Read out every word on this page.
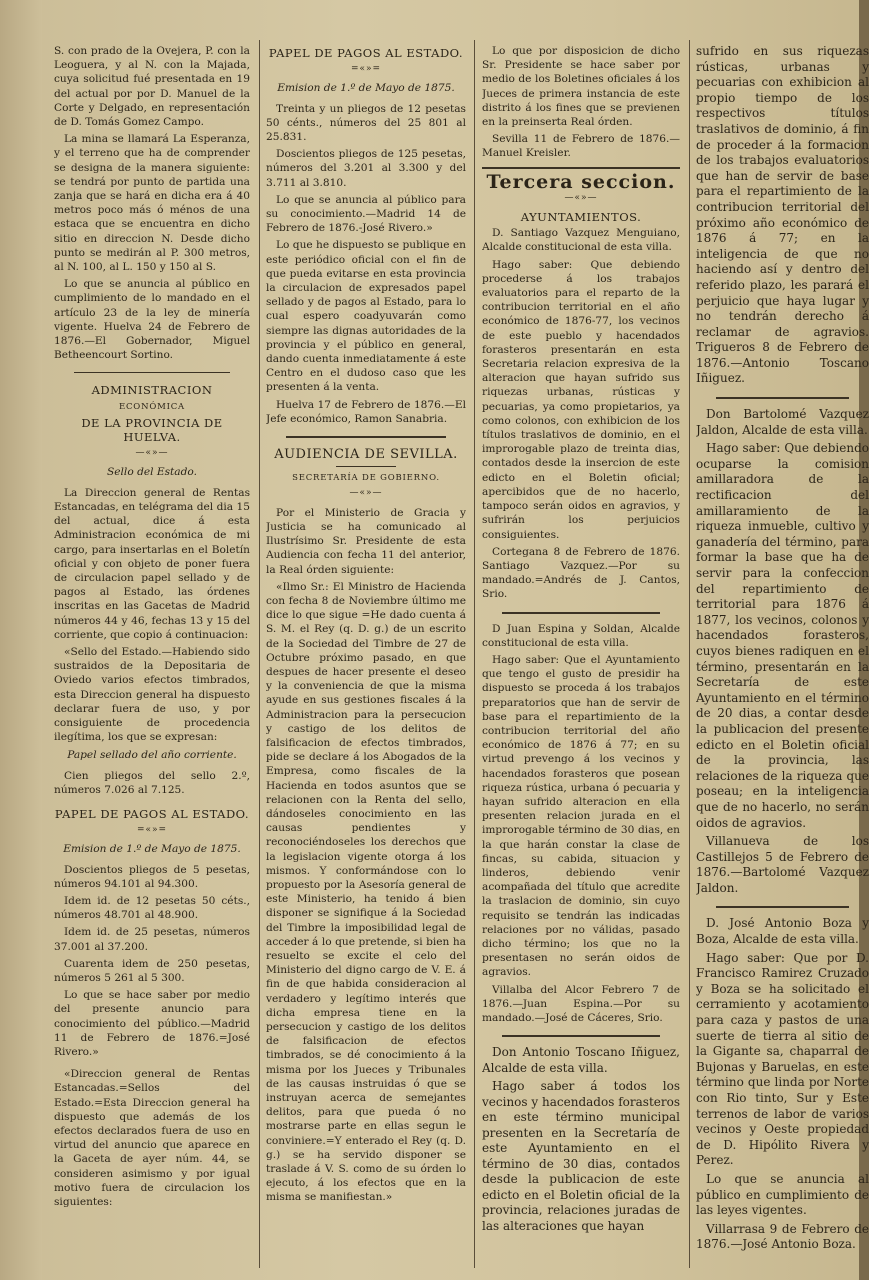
S. con prado de la Ovejera, P. con la Leoguera, y al N. con la Majada, cuya solicitud fué presentada en 19 del actual por por D. Manuel de la Corte y Delgado, en representación de D. Tomás Gomez Campo.

La mina se llamará La Esperanza, y el terreno que ha de comprender se designa de la manera siguiente: se tendrá por punto de partida una zanja que se hará en dicha era á 40 metros poco más ó ménos de una estaca que se encuentra en dicho sitio en direccion N. Desde dicho punto se medirán al P. 300 metros, al N. 100, al L. 150 y 150 al S.

Lo que se anuncia al público en cumplimiento de lo mandado en el artículo 23 de la ley de minería vigente. Huelva 24 de Febrero de 1876.—El Gobernador, Miguel Betheencourt Sortino.

ADMINISTRACION
ECONÓMICA
DE LA PROVINCIA DE HUELVA.
—«»—
Sello del Estado.

La Direccion general de Rentas Estancadas, en telégrama del dia 15 del actual, dice á esta Administracion económica de mi cargo, para insertarlas en el Boletín oficial y con objeto de poner fuera de circulacion papel sellado y de pagos al Estado, las órdenes inscritas en las Gacetas de Madrid números 44 y 46, fechas 13 y 15 del corriente, que copio á continuacion:

«Sello del Estado.—Habiendo sido sustraidos de la Depositaria de Oviedo varios efectos timbrados, esta Direccion general ha dispuesto declarar fuera de uso, y por consiguiente de procedencia ilegítima, los que se expresan:

Papel sellado del año corriente.

Cien pliegos del sello 2.º, números 7.026 al 7.125.

PAPEL DE PAGOS AL ESTADO.
=«»=
Emision de 1.º de Mayo de 1875.

Doscientos pliegos de 5 pesetas, números 94.101 al 94.300.

Idem id. de 12 pesetas 50 céts., números 48.701 al 48.900.

Idem id. de 25 pesetas, números 37.001 al 37.200.

Cuarenta idem de 250 pesetas, números 5 261 al 5 300.

Lo que se hace saber por medio del presente anuncio para conocimiento del público.—Madrid 11 de Febrero de 1876.=José Rivero.»

«Direccion general de Rentas Estancadas.=Sellos del Estado.=Esta Direccion general ha dispuesto que además de los efectos declarados fuera de uso en virtud del anuncio que aparece en la Gaceta de ayer núm. 44, se consideren asimismo y por igual motivo fuera de circulacion los siguientes:

PAPEL DE PAGOS AL ESTADO.
=«»=
Emision de 1.º de Mayo de 1875.

Treinta y un pliegos de 12 pesetas 50 cénts., números del 25 801 al 25.831.

Doscientos pliegos de 125 pesetas, números del 3.201 al 3.300 y del 3.711 al 3.810.

Lo que se anuncia al público para su conocimiento.—Madrid 14 de Febrero de 1876.-José Rivero.»

Lo que he dispuesto se publique en este periódico oficial con el fin de que pueda evitarse en esta provincia la circulacion de expresados papel sellado y de pagos al Estado, para lo cual espero coadyuvarán como siempre las dignas autoridades de la provincia y el público en general, dando cuenta inmediatamente á este Centro en el dudoso caso que les presenten á la venta.

Huelva 17 de Febrero de 1876.—El Jefe económico, Ramon Sanabria.

AUDIENCIA DE SEVILLA.
SECRETARÍA DE GOBIERNO.
—«»—

Por el Ministerio de Gracia y Justicia se ha comunicado al Ilustrísimo Sr. Presidente de esta Audiencia con fecha 11 del anterior, la Real órden siguiente:

«Ilmo Sr.: El Ministro de Hacienda con fecha 8 de Noviembre último me dice lo que sigue =He dado cuenta á S. M. el Rey (q. D. g.) de un escrito de la Sociedad del Timbre de 27 de Octubre próximo pasado, en que despues de hacer presente el deseo y la conveniencia de que la misma ayude en sus gestiones fiscales á la Administracion para la persecucion y castigo de los delitos de falsificacion de efectos timbrados, pide se declare á los Abogados de la Empresa, como fiscales de la Hacienda en todos asuntos que se relacionen con la Renta del sello, dándoseles conocimiento en las causas pendientes y reconociéndoseles los derechos que la legislacion vigente otorga á los mismos. Y conformándose con lo propuesto por la Asesoría general de este Ministerio, ha tenido á bien disponer se signifique á la Sociedad del Timbre la imposibilidad legal de acceder á lo que pretende, si bien ha resuelto se excite el celo del Ministerio del digno cargo de V. E. á fin de que habida consideracion al verdadero y legítimo interés que dicha empresa tiene en la persecucion y castigo de los delitos de falsificacion de efectos timbrados, se dé conocimiento á la misma por los Jueces y Tribunales de las causas instruidas ó que se instruyan acerca de semejantes delitos, para que pueda ó no mostrarse parte en ellas segun le conviniere.=Y enterado el Rey (q. D. g.) se ha servido disponer se traslade á V. S. como de su órden lo ejecuto, á los efectos que en la misma se manifiestan.»

Lo que por disposicion de dicho Sr. Presidente se hace saber por medio de los Boletines oficiales á los Jueces de primera instancia de este distrito á los fines que se previenen en la preinserta Real órden.

Sevilla 11 de Febrero de 1876.—Manuel Kreisler.

Tercera seccion.
—«»—
AYUNTAMIENTOS.

D. Santiago Vazquez Menguiano, Alcalde constitucional de esta villa.

Hago saber: Que debiendo procederse á los trabajos evaluatorios para el reparto de la contribucion territorial en el año económico de 1876-77, los vecinos de este pueblo y hacendados forasteros presentarán en esta Secretaria relacion expresiva de la alteracion que hayan sufrido sus riquezas urbanas, rústicas y pecuarias, ya como propietarios, ya como colonos, con exhibicion de los títulos traslativos de dominio, en el improrogable plazo de treinta dias, contados desde la insercion de este edicto en el Boletin oficial; apercibidos que de no hacerlo, tampoco serán oidos en agravios, y sufrirán los perjuicios consiguientes.

Cortegana 8 de Febrero de 1876. Santiago Vazquez.—Por su mandado.=Andrés de J. Cantos, Srio.

D Juan Espina y Soldan, Alcalde constitucional de esta villa.

Hago saber: Que el Ayuntamiento que tengo el gusto de presidir ha dispuesto se proceda á los trabajos preparatorios que han de servir de base para el repartimiento de la contribucion territorial del año económico de 1876 á 77; en su virtud prevengo á los vecinos y hacendados forasteros que posean riqueza rústica, urbana ó pecuaria y hayan sufrido alteracion en ella presenten relacion jurada en el improrogable término de 30 dias, en la que harán constar la clase de fincas, su cabida, situacion y linderos, debiendo venir acompañada del título que acredite la traslacion de dominio, sin cuyo requisito se tendrán las indicadas relaciones por no válidas, pasado dicho término; los que no la presentasen no serán oidos de agravios.

Villalba del Alcor Febrero 7 de 1876.—Juan Espina.—Por su mandado.—José de Cáceres, Srio.

Don Antonio Toscano Iñiguez, Alcalde de esta villa.

Hago saber á todos los vecinos y hacendados forasteros en este término municipal presenten en la Secretaría de este Ayuntamiento en el término de 30 dias, contados desde la publicacion de este edicto en el Boletin oficial de la provincia, relaciones juradas de las alteraciones que hayan

sufrido en sus riquezas rústicas, urbanas y pecuarias con exhibicion al propio tiempo de los respectivos títulos traslativos de dominio, á fin de proceder á la formacion de los trabajos evaluatorios que han de servir de base para el repartimiento de la contribucion territorial del próximo año económico de 1876 á 77; en la inteligencia de que no haciendo así y dentro del referido plazo, les parará el perjuicio que haya lugar y no tendrán derecho á reclamar de agravios. Trigueros 8 de Febrero de 1876.—Antonio Toscano Iñiguez.

Don Bartolomé Vazquez Jaldon, Alcalde de esta villa.

Hago saber: Que debiendo ocuparse la comision amillaradora de la rectificacion del amillaramiento de la riqueza inmueble, cultivo y ganadería del término, para formar la base que ha de servir para la confeccion del repartimiento de territorial para 1876 á 1877, los vecinos, colonos y hacendados forasteros, cuyos bienes radiquen en el término, presentarán en la Secretaría de este Ayuntamiento en el término de 20 dias, a contar desde la publicacion del presente edicto en el Boletin oficial de la provincia, las relaciones de la riqueza que poseau; en la inteligencia que de no hacerlo, no serán oidos de agravios.

Villanueva de los Castillejos 5 de Febrero de 1876.—Bartolomé Vazquez Jaldon.

D. José Antonio Boza y Boza, Alcalde de esta villa.

Hago saber: Que por D. Francisco Ramirez Cruzado y Boza se ha solicitado el cerramiento y acotamiento para caza y pastos de una suerte de tierra al sitio de la Gigante sa, chaparral de Bujonas y Baruelas, en este término que linda por Norte con Rio tinto, Sur y Este terrenos de labor de varios vecinos y Oeste propiedad de D. Hipólito Rivera y Perez.

Lo que se anuncia al público en cumplimiento de las leyes vigentes.

Villarrasa 9 de Febrero de 1876.—José Antonio Boza.
